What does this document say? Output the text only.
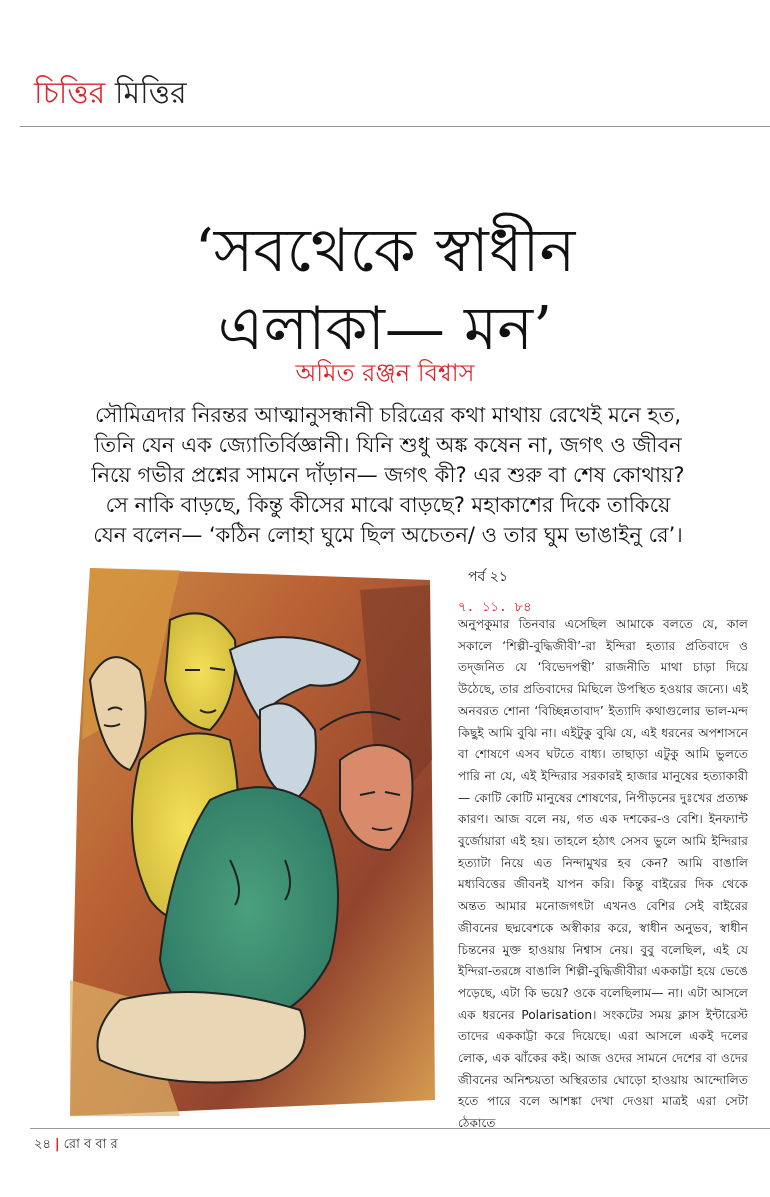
চিত্তির মিত্তির
‘সবথেকে স্বাধীন
এলাকা— মন’
অমিত রঞ্জন বিশ্বাস
সৌমিত্রদার নিরন্তর আত্মানুসন্ধানী চরিত্রের কথা মাথায় রেখেই মনে হত, তিনি যেন এক জ্যোতির্বিজ্ঞানী। যিনি শুধু অঙ্ক কষেন না, জগৎ ও জীবন নিয়ে গভীর প্রশ্নের সামনে দাঁড়ান— জগৎ কী? এর শুরু বা শেষ কোথায়? সে নাকি বাড়ছে, কিন্তু কীসের মাঝে বাড়ছে? মহাকাশের দিকে তাকিয়ে যেন বলেন— ‘কঠিন লোহা ঘুমে ছিল অচেতন/ ও তার ঘুম ভাঙাইনু রে’।
পর্ব ২১
৭. ১১. ৮৪
অনুপকুমার তিনবার এসেছিল আমাকে বলতে যে, কাল সকালে ‘শিল্পী-বুদ্ধিজীবী’-রা ইন্দিরা হত্যার প্রতিবাদে ও তদ্‌জনিত যে ‘বিভেদপন্থী’ রাজনীতি মাথা চাড়া দিয়ে উঠেছে, তার প্রতিবাদের মিছিলে উপস্থিত হওয়ার জন্যে। এই অনবরত শোনা ‘বিচ্ছিন্নতাবাদ’ ইত্যাদি কথাগুলোর ভাল-মন্দ কিছুই আমি বুঝি না। এইটুকু বুঝি যে, এই ধরনের অপশাসনে বা শোষণে এসব ঘটতে বাধ্য। তাছাড়া এটুকু আমি ভুলতে পারি না যে, এই ইন্দিরার সরকারই হাজার মানুষের হত্যাকারী— কোটি কোটি মানুষের শোষণের, নিপীড়নের দুঃখের প্রত্যক্ষ কারণ। আজ বলে নয়, গত এক দশকের-ও বেশি। ইনফ্যান্ট বুর্জোয়ারা এই হয়। তাহলে হঠাৎ সেসব ভুলে আমি ইন্দিরার হত্যাটা নিয়ে এত নিন্দামুখর হব কেন? আমি বাঙালি মধ্যবিত্তের জীবনই যাপন করি। কিন্তু বাইরের দিক থেকে অন্তত আমার মনোজগৎটা এখনও বেশির সেই বাইরের জীবনের ছদ্মবেশকে অস্বীকার করে, স্বাধীন অনুভব, স্বাধীন চিন্তনের মুক্ত হাওয়ায় নিশ্বাস নেয়। বুবু বলেছিল, এই যে ইন্দিরা-তরঙ্গে বাঙালি শিল্পী-বুদ্ধিজীবীরা এককাট্টা হয়ে ভেঙে পড়েছে, এটা কি ভয়ে? ওকে বলেছিলাম— না। এটা আসলে এক ধরনের Polarisation। সংকটের সময় ক্লাস ইন্টারেস্ট তাদের এককাট্টা করে দিয়েছে। এরা আসলে একই দলের লোক, এক ঝাঁকের কই। আজ ওদের সামনে দেশের বা ওদের জীবনের অনিশ্চয়তা অস্থিরতার ঘোড়ো হাওয়ায় আন্দোলিত হতে পারে বলে আশঙ্কা দেখা দেওয়া মাত্রই এরা সেটা ঠেকাতে
২৪ | রো ব বা র
